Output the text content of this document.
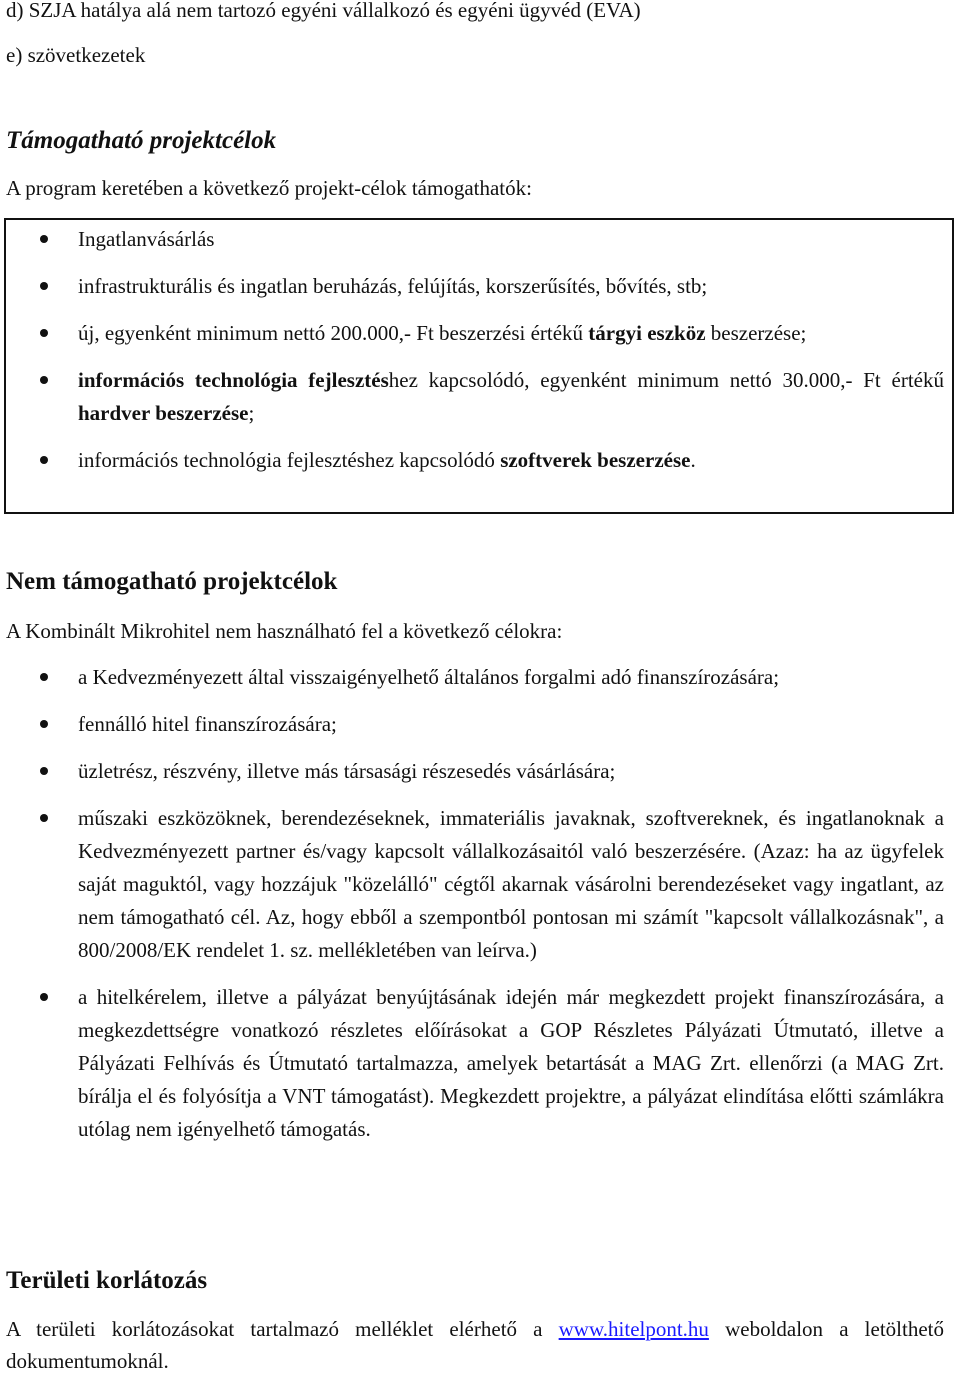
d) SZJA hatálya alá nem tartozó egyéni vállalkozó és egyéni ügyvéd (EVA)

e) szövetkezetek

Támogatható projektcélok

A program keretében a következő projekt-célok támogathatók:

Ingatlanvásárlás
infrastrukturális és ingatlan beruházás, felújítás, korszerűsítés, bővítés, stb;
új, egyenként minimum nettó 200.000,- Ft beszerzési értékű tárgyi eszköz beszerzése;
információs technológia fejlesztéshez kapcsolódó, egyenként minimum nettó 30.000,- Ft értékű hardver beszerzése;
információs technológia fejlesztéshez kapcsolódó szoftverek beszerzése.
Nem támogatható projektcélok

A Kombinált Mikrohitel nem használható fel a következő célokra:

a Kedvezményezett által visszaigényelhető általános forgalmi adó finanszírozására;
fennálló hitel finanszírozására;
üzletrész, részvény, illetve más társasági részesedés vásárlására;
műszaki eszközöknek, berendezéseknek, immateriális javaknak, szoftvereknek, és ingatlanoknak a Kedvezményezett partner és/vagy kapcsolt vállalkozásaitól való beszerzésére. (Azaz: ha az ügyfelek saját maguktól, vagy hozzájuk "közelálló" cégtől akarnak vásárolni berendezéseket vagy ingatlant, az nem támogatható cél. Az, hogy ebből a szempontból pontosan mi számít "kapcsolt vállalkozásnak", a 800/2008/EK rendelet 1. sz. mellékletében van leírva.)
a hitelkérelem, illetve a pályázat benyújtásának idején már megkezdett projekt finanszírozására, a megkezdettségre vonatkozó részletes előírásokat a GOP Részletes Pályázati Útmutató, illetve a Pályázati Felhívás és Útmutató tartalmazza, amelyek betartását a MAG Zrt. ellenőrzi (a MAG Zrt. bírálja el és folyósítja a VNT támogatást). Megkezdett projektre, a pályázat elindítása előtti számlákra utólag nem igényelhető támogatás.
Területi korlátozás

A területi korlátozásokat tartalmazó melléklet elérhető a www.hitelpont.hu weboldalon a letölthető dokumentumoknál.
